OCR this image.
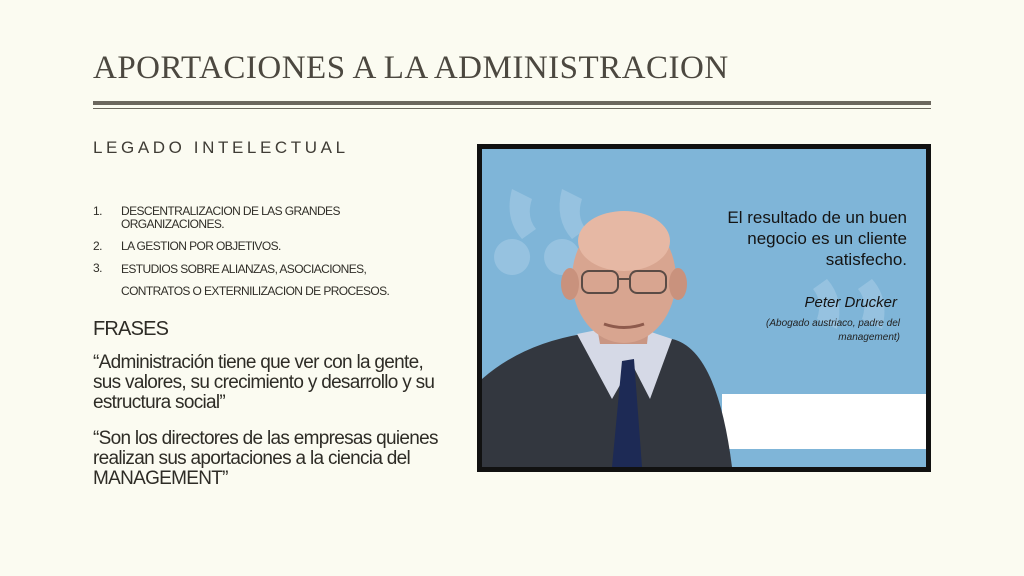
APORTACIONES A LA ADMINISTRACION
LEGADO INTELECTUAL
1.	DESCENTRALIZACION DE LAS GRANDES ORGANIZACIONES.
2.	LA GESTION POR OBJETIVOS.
3.	ESTUDIOS SOBRE ALIANZAS, ASOCIACIONES, CONTRATOS O EXTERNILIZACION DE PROCESOS.
FRASES
“Administración tiene que ver con la gente, sus valores, su crecimiento y desarrollo y su estructura social”
“Son los directores de las empresas quienes realizan sus aportaciones a la ciencia del MANAGEMENT”
El resultado de un buen negocio es un cliente satisfecho.
Peter Drucker
(Abogado austriaco, padre del management)
